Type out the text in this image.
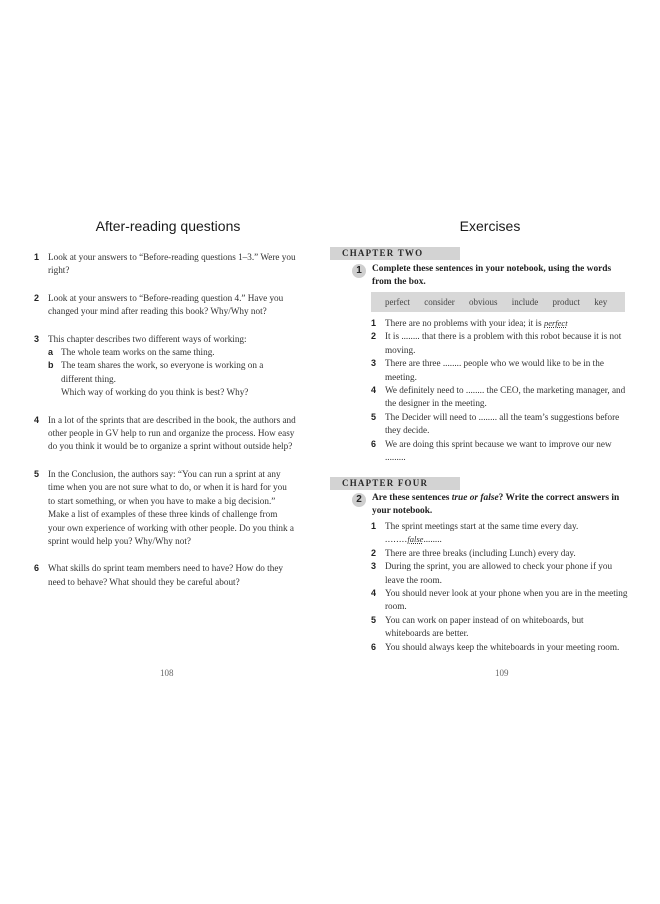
After-reading questions
1 Look at your answers to “Before-reading questions 1–3.” Were you right?
2 Look at your answers to “Before-reading question 4.” Have you changed your mind after reading this book? Why/Why not?
3 This chapter describes two different ways of working:
a The whole team works on the same thing.
b The team shares the work, so everyone is working on a different thing.
Which way of working do you think is best? Why?
4 In a lot of the sprints that are described in the book, the authors and other people in GV help to run and organize the process. How easy do you think it would be to organize a sprint without outside help?
5 In the Conclusion, the authors say: “You can run a sprint at any time when you are not sure what to do, or when it is hard for you to start something, or when you have to make a big decision.” Make a list of examples of these three kinds of challenge from your own experience of working with other people. Do you think a sprint would help you? Why/Why not?
6 What skills do sprint team members need to have? How do they need to behave? What should they be careful about?
108
Exercises
CHAPTER TWO
1	Complete these sentences in your notebook, using the words from the box.
perfect consider obvious include product key
1 There are no problems with your idea; it is perfect
2 It is ........ that there is a problem with this robot because it is not moving.
3 There are three ........ people who we would like to be in the meeting.
4 We definitely need to ........ the CEO, the marketing manager, and the designer in the meeting.
5 The Decider will need to ........ all the team’s suggestions before they decide.
6 We are doing this sprint because we want to improve our new .........
CHAPTER FOUR
2	Are these sentences true or false? Write the correct answers in your notebook.
1 The sprint meetings start at the same time every day.
........false........
2 There are three breaks (including Lunch) every day.
3 During the sprint, you are allowed to check your phone if you leave the room.
4 You should never look at your phone when you are in the meeting room.
5 You can work on paper instead of on whiteboards, but whiteboards are better.
6 You should always keep the whiteboards in your meeting room.
109
